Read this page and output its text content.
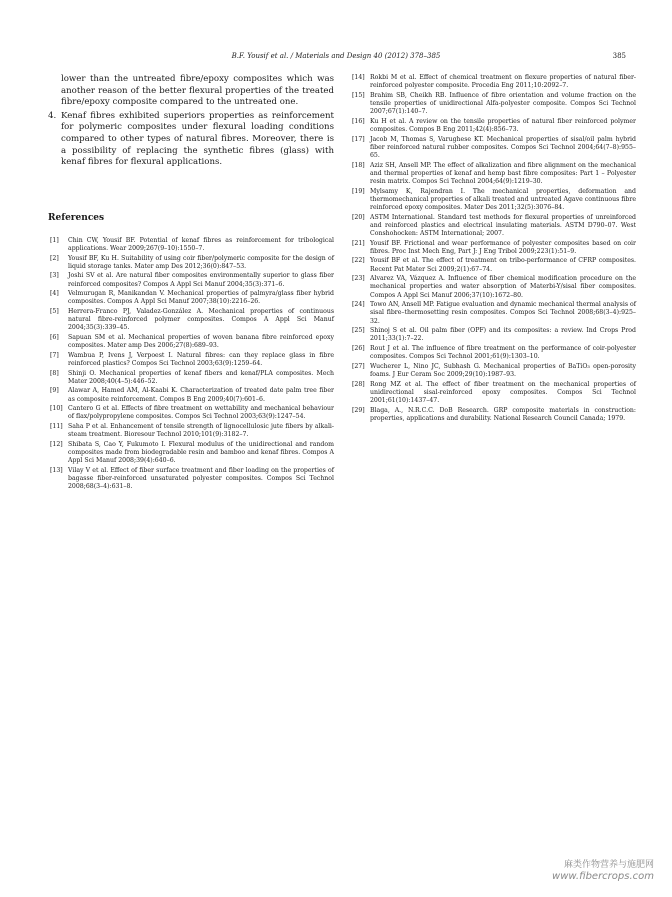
B.F. Yousif et al. / Materials and Design 40 (2012) 378–385	385

lower than the untreated fibre/epoxy composites which was another reason of the better flexural properties of the treated fibre/epoxy composite compared to the untreated one.

4. Kenaf fibres exhibited superiors properties as reinforcement for polymeric composites under flexural loading conditions compared to other types of natural fibres. Moreover, there is a possibility of replacing the synthetic fibres (glass) with kenaf fibres for flexural applications.
References
[1]	Chin CW, Yousif BF. Potential of kenaf fibres as reinforcement for tribological applications. Wear 2009;267(9–10):1550–7.
[2]	Yousif BF, Ku H. Suitability of using coir fiber/polymeric composite for the design of liquid storage tanks. Mater amp Des 2012;36(0):847–53.
[3]	Joshi SV et al. Are natural fiber composites environmentally superior to glass fiber reinforced composites? Compos A Appl Sci Manuf 2004;35(3):371–6.
[4]	Velmurugan R, Manikandan V. Mechanical properties of palmyra/glass fiber hybrid composites. Compos A Appl Sci Manuf 2007;38(10):2216–26.
[5]	Herrera-Franco PJ, Valadez-González A. Mechanical properties of continuous natural fibre-reinforced polymer composites. Compos A Appl Sci Manuf 2004;35(3):339–45.
[6]	Sapuan SM et al. Mechanical properties of woven banana fibre reinforced epoxy composites. Mater amp Des 2006;27(8):689–93.
[7]	Wambua P, Ivens J, Verpoest I. Natural fibres: can they replace glass in fibre reinforced plastics? Compos Sci Technol 2003;63(9):1259–64.
[8]	Shinji O. Mechanical properties of kenaf fibers and kenaf/PLA composites. Mech Mater 2008;40(4–5):446–52.
[9]	Alawar A, Hamed AM, Al-Kaabi K. Characterization of treated date palm tree fiber as composite reinforcement. Compos B Eng 2009;40(7):601–6.
[10] Cantero G et al. Effects of fibre treatment on wettability and mechanical behaviour of flax/polypropylene composites. Compos Sci Technol 2003;63(9):1247–54.
[11] Saha P et al. Enhancement of tensile strength of lignocellulosic jute fibers by alkali-steam treatment. Bioresour Technol 2010;101(9):3182–7.
[12] Shibata S, Cao Y, Fukumoto I. Flexural modulus of the unidirectional and random composites made from biodegradable resin and bamboo and kenaf fibres. Compos A Appl Sci Manuf 2008;39(4):640–6.
[13] Vilay V et al. Effect of fiber surface treatment and fiber loading on the properties of bagasse fiber-reinforced unsaturated polyester composites. Compos Sci Technol 2008;68(3–4):631–8.
[14] Rokbi M et al. Effect of chemical treatment on flexure properties of natural fiber-reinforced polyester composite. Procedia Eng 2011;10:2092–7.
[15] Brahim SB, Cheikh RB. Influence of fibre orientation and volume fraction on the tensile properties of unidirectional Alfa-polyester composite. Compos Sci Technol 2007;67(1):140–7.
[16] Ku H et al. A review on the tensile properties of natural fiber reinforced polymer composites. Compos B Eng 2011;42(4):856–73.
[17] Jacob M, Thomas S, Varughese KT. Mechanical properties of sisal/oil palm hybrid fiber reinforced natural rubber composites. Compos Sci Technol 2004;64(7–8):955–65.
[18] Aziz SH, Ansell MP. The effect of alkalization and fibre alignment on the mechanical and thermal properties of kenaf and hemp bast fibre composites: Part 1 – Polyester resin matrix. Compos Sci Technol 2004;64(9):1219–30.
[19] Mylsamy K, Rajendran I. The mechanical properties, deformation and thermomechanical properties of alkali treated and untreated Agave continuous fibre reinforced epoxy composites. Mater Des 2011;32(5):3076–84.
[20] ASTM International. Standard test methods for flexural properties of unreinforced and reinforced plastics and electrical insulating materials. ASTM D790–07. West Conshohocken: ASTM International; 2007.
[21] Yousif BF. Frictional and wear performance of polyester composites based on coir fibres. Proc Inst Mech Eng, Part J: J Eng Tribol 2009;223(1):51–9.
[22] Yousif BF et al. The effect of treatment on tribo-performance of CFRP composites. Recent Pat Mater Sci 2009;2(1):67–74.
[23] Alvarez VA, Vázquez A. Influence of fiber chemical modification procedure on the mechanical properties and water absorption of Materbi-Y/sisal fiber composites. Compos A Appl Sci Manuf 2006;37(10):1672–80.
[24] Towo AN, Ansell MP. Fatigue evaluation and dynamic mechanical thermal analysis of sisal fibre–thermosetting resin composites. Compos Sci Technol 2008;68(3–4):925–32.
[25] Shinoj S et al. Oil palm fiber (OPF) and its composites: a review. Ind Crops Prod 2011;33(1):7–22.
[26] Rout J et al. The influence of fibre treatment on the performance of coir-polyester composites. Compos Sci Technol 2001;61(9):1303–10.
[27] Wucherer L, Nino JC, Subhash G. Mechanical properties of BaTiO₃ open-porosity foams. J Eur Ceram Soc 2009;29(10):1987–93.
[28] Rong MZ et al. The effect of fiber treatment on the mechanical properties of unidirectional sisal-reinforced epoxy composites. Compos Sci Technol 2001;61(10):1437–47.
[29] Blaga, A., N.R.C.C. DoB Research. GRP composite materials in construction: properties, applications and durability. National Research Council Canada; 1979.
麻类作物营养与施肥网
www.fibercrops.com
